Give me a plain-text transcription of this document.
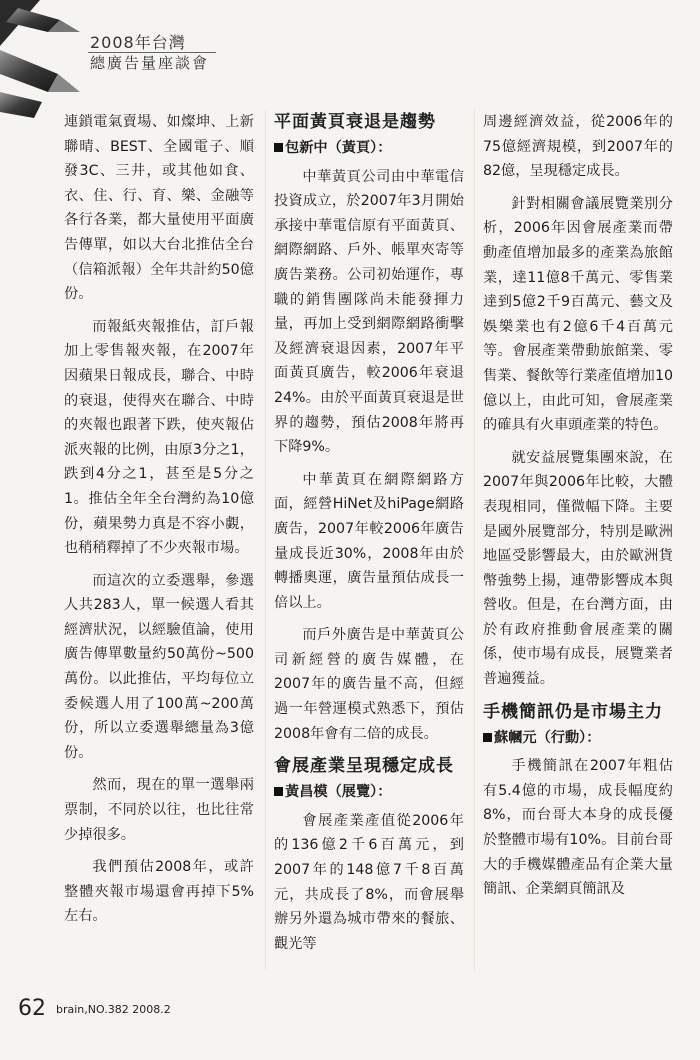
2008年台灣
總廣告量座談會

連鎖電氣賣場、如燦坤、上新聯晴、BEST、全國電子、順發3C、三井，或其他如食、衣、住、行、育、樂、金融等各行各業，都大量使用平面廣告傳單，如以大台北推估全台（信箱派報）全年共計約50億份。

而報紙夾報推估，訂戶報加上零售報夾報，在2007年因蘋果日報成長，聯合、中時的衰退，使得夾在聯合、中時的夾報也跟著下跌，使夾報佔派夾報的比例，由原3分之1，跌到4分之1，甚至是5分之1。推估全年全台灣約為10億份，蘋果勢力真是不容小覷，也稍稍釋掉了不少夾報市場。

而這次的立委選舉，參選人共283人，單一候選人看其經濟狀況，以經驗值論，使用廣告傳單數量約50萬份~500萬份。以此推估，平均每位立委候選人用了100萬~200萬份，所以立委選舉總量為3億份。

然而，現在的單一選舉兩票制，不同於以往，也比往常少掉很多。

我們預估2008年，或許整體夾報市場還會再掉下5%左右。

平面黃頁衰退是趨勢
包新中（黃頁）：

中華黃頁公司由中華電信投資成立，於2007年3月開始承接中華電信原有平面黃頁、網際網路、戶外、帳單夾寄等廣告業務。公司初始運作，專職的銷售團隊尚未能發揮力量，再加上受到網際網路衝擊及經濟衰退因素，2007年平面黃頁廣告，較2006年衰退24%。由於平面黃頁衰退是世界的趨勢，預估2008年將再下降9%。

中華黃頁在網際網路方面，經營HiNet及hiPage網路廣告，2007年較2006年廣告量成長近30%，2008年由於轉播奧運，廣告量預估成長一倍以上。

而戶外廣告是中華黃頁公司新經營的廣告媒體，在2007年的廣告量不高，但經過一年營運模式熟悉下，預估2008年會有二倍的成長。

會展產業呈現穩定成長
黃昌模（展覽）：

會展產業產值從2006年的136億2千6百萬元，到2007年的148億7千8百萬元，共成長了8%，而會展舉辦另外還為城市帶來的餐旅、觀光等

周邊經濟效益，從2006年的75億經濟規模，到2007年的82億，呈現穩定成長。

針對相關會議展覽業別分析，2006年因會展產業而帶動產值增加最多的產業為旅館業，達11億8千萬元、零售業達到5億2千9百萬元、藝文及娛樂業也有2億6千4百萬元等。會展產業帶動旅館業、零售業、餐飲等行業產值增加10億以上，由此可知，會展產業的確具有火車頭產業的特色。

就安益展覽集團來說，在2007年與2006年比較，大體表現相同，僅微幅下降。主要是國外展覽部分，特別是歐洲地區受影響最大，由於歐洲貨幣強勢上揚，連帶影響成本與營收。但是，在台灣方面，由於有政府推動會展產業的關係，使市場有成長，展覽業者普遍獲益。

手機簡訊仍是市場主力
蘇幗元（行動）：

手機簡訊在2007年粗估有5.4億的市場，成長幅度約8%，而台哥大本身的成長優於整體市場有10%。目前台哥大的手機媒體產品有企業大量簡訊、企業網頁簡訊及

62 brain,NO.382 2008.2
